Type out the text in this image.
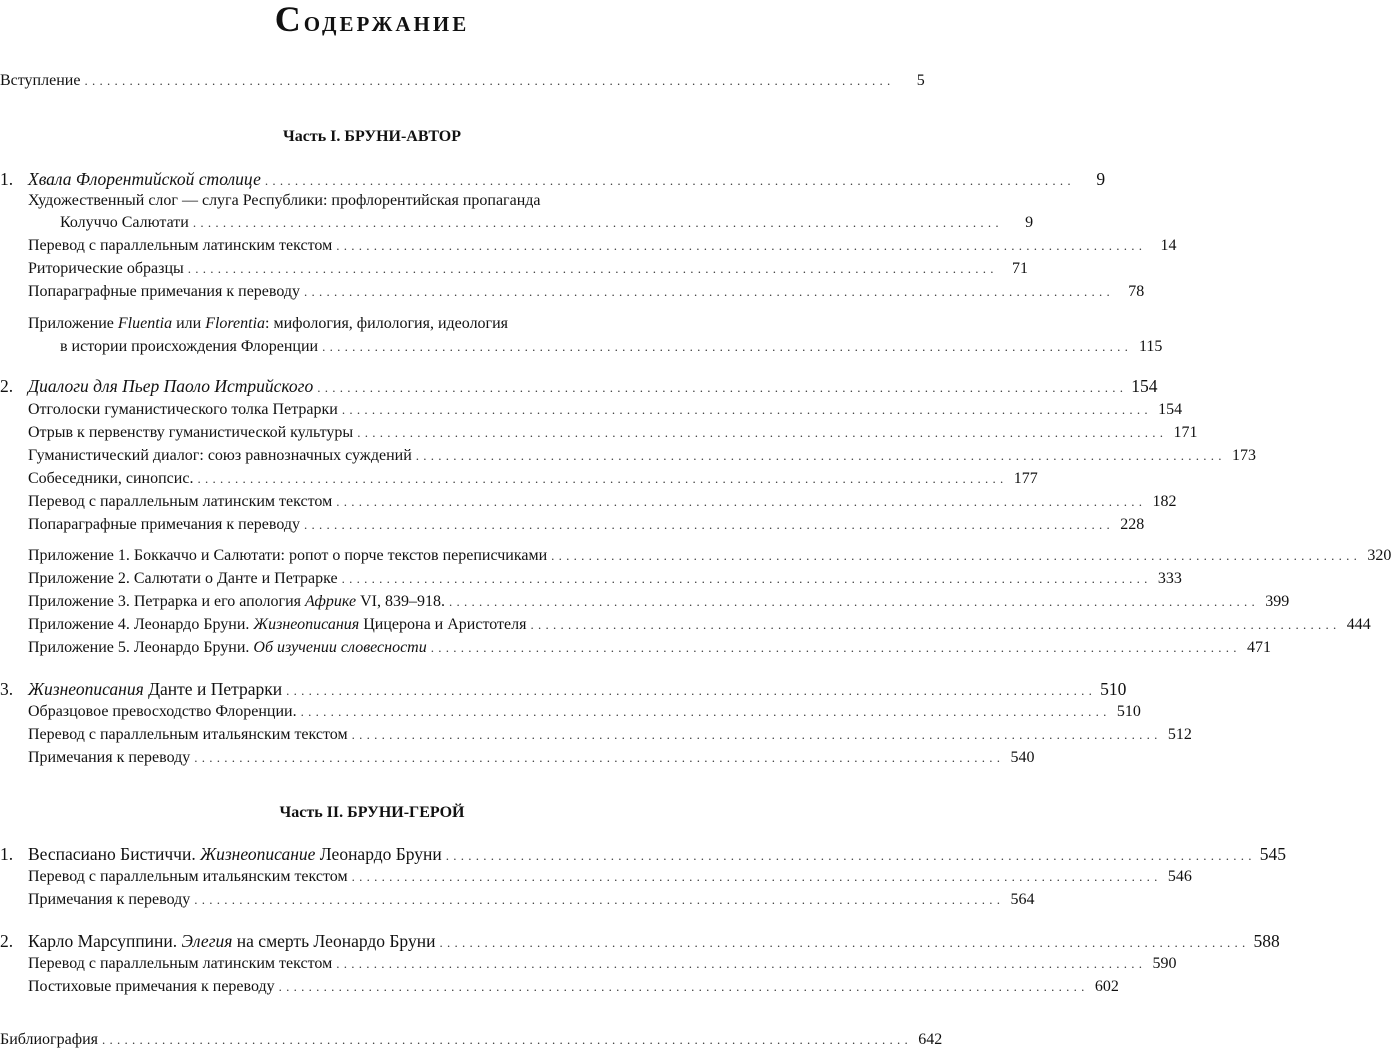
Содержание
Вступление . . .	5
Часть I. БРУНИ-АВТОР
1. Хвала Флорентийской столице . . .	9
Художественный слог — слуга Республики: профлорентийская пропаганда
Колуччо Салютати . . .	9
Перевод с параллельным латинским текстом . . .	14
Риторические образцы . . .	71
Попараграфные примечания к переводу . . .	78
Приложение Fluentia или Florentia: мифология, филология, идеология
в истории происхождения Флоренции . . .	115
2. Диалоги для Пьер Паоло Истрийского . . .	154
Отголоски гуманистического толка Петрарки . . .	154
Отрыв к первенству гуманистической культуры . . .	171
Гуманистический диалог: союз равнозначных суждений . . .	173
Собеседники, синопсис. . . .	177
Перевод с параллельным латинским текстом . . .	182
Попараграфные примечания к переводу . . .	228
Приложение 1. Боккаччо и Салютати: ропот о порче текстов переписчиками . . .	320
Приложение 2. Салютати о Данте и Петрарке . . .	333
Приложение 3. Петрарка и его апология Африке VI, 839–918. . . .	399
Приложение 4. Леонардо Бруни. Жизнеописания Цицерона и Аристотеля . . .	444
Приложение 5. Леонардо Бруни. Об изучении словесности . . .	471
3. Жизнеописания Данте и Петрарки . . .	510
Образцовое превосходство Флоренции. . . .	510
Перевод с параллельным итальянским текстом . . .	512
Примечания к переводу . . .	540
Часть II. БРУНИ-ГЕРОЙ
1. Веспасиано Бистиччи. Жизнеописание Леонардо Бруни . . .	545
Перевод с параллельным итальянским текстом . . .	546
Примечания к переводу . . .	564
2. Карло Марсуппини. Элегия на смерть Леонардо Бруни . . .	588
Перевод с параллельным латинским текстом . . .	590
Постиховые примечания к переводу . . .	602
Библиография . . .	642
